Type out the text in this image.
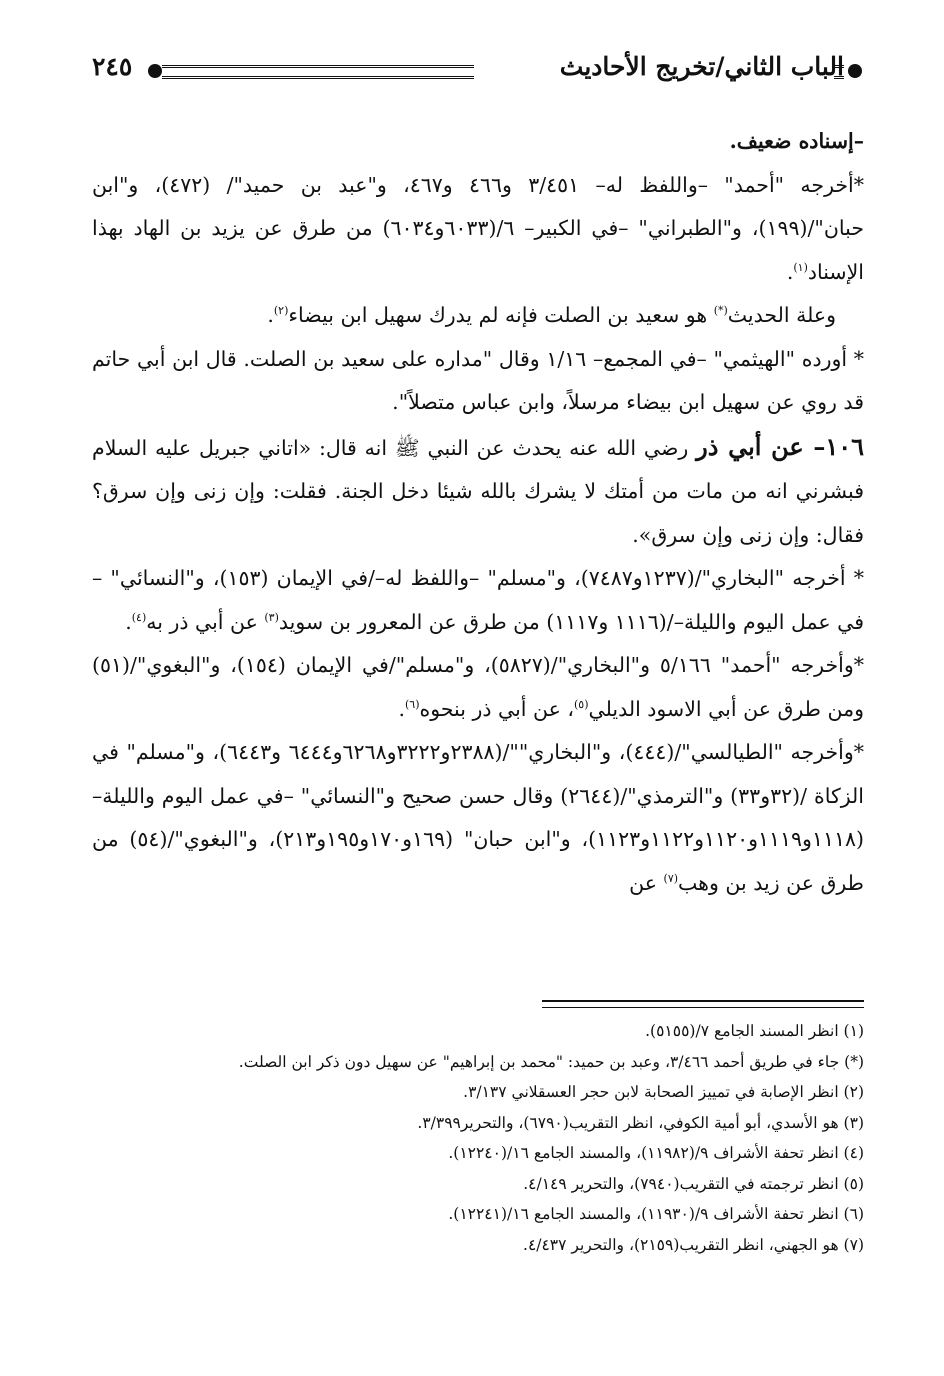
الباب الثاني/تخريج الأحاديث
٢٤٥

–إسناده ضعيف.

*أخرجه "أحمد" –واللفظ له– ٣/٤٥١ و٤٦٦ و٤٦٧، و"عبد بن حميد"/ (٤٧٢)، و"ابن حبان"/(١٩٩)، و"الطبراني" –في الكبير– ٦/(٦٠٣٣و٦٠٣٤) من طرق عن يزيد بن الهاد بهذا الإسناد$^{(١)}$.

وعلة الحديث(*) هو سعيد بن الصلت فإنه لم يدرك سهيل ابن بيضاء$^{(٢)}$.

* أورده "الهيثمي" –في المجمع– ١/١٦ وقال "مداره على سعيد بن الصلت. قال ابن أبي حاتم قد روي عن سهيل ابن بيضاء مرسلاً، وابن عباس متصلاً".

١٠٦– عن أبي ذر رضي الله عنه يحدث عن النبي ﷺ انه قال: «اتاني جبريل عليه السلام فبشرني انه من مات من أمتك لا يشرك بالله شيئا دخل الجنة. فقلت: وإن زنى وإن سرق؟ فقال: وإن زنى وإن سرق».

* أخرجه "البخاري"/(١٢٣٧و٧٤٨٧)، و"مسلم" –واللفظ له–/في الإيمان (١٥٣)، و"النسائي" –في عمل اليوم والليلة–/(١١١٦ و١١١٧) من طرق عن المعرور بن سويد$^{(٣)}$ عن أبي ذر به$^{(٤)}$.

*وأخرجه "أحمد" ٥/١٦٦ و"البخاري"/(٥٨٢٧)، و"مسلم"/في الإيمان (١٥٤)، و"البغوي"/(٥١) ومن طرق عن أبي الاسود الديلي$^{(٥)}$، عن أبي ذر بنحوه$^{(٦)}$.

*وأخرجه "الطيالسي"/(٤٤٤)، و"البخاري""/(٢٣٨٨و٣٢٢٢و٦٢٦٨و٦٤٤٤ و٦٤٤٣)، و"مسلم" في الزكاة /(٣٢و٣٣) و"الترمذي"/(٢٦٤٤) وقال حسن صحيح و"النسائي" –في عمل اليوم والليلة– (١١١٨و١١١٩و١١٢٠و١١٢٢و١١٢٣)، و"ابن حبان" (١٦٩و١٧٠و١٩٥و٢١٣)، و"البغوي"/(٥٤) من طرق عن زيد بن وهب$^{(٧)}$ عن

(١) انظر المسند الجامع ٧/(٥١٥٥).
(*) جاء في طريق أحمد ٣/٤٦٦، وعبد بن حميد: "محمد بن إبراهيم" عن سهيل دون ذكر ابن الصلت.
(٢) انظر الإصابة في تمييز الصحابة لابن حجر العسقلاني ٣/١٣٧.
(٣) هو الأسدي، أبو أمية الكوفي، انظر التقريب(٦٧٩٠)، والتحرير٣/٣٩٩.
(٤) انظر تحفة الأشراف ٩/(١١٩٨٢)، والمسند الجامع ١٦/(١٢٢٤٠).
(٥) انظر ترجمته في التقريب(٧٩٤٠)، والتحرير ٤/١٤٩.
(٦) انظر تحفة الأشراف ٩/(١١٩٣٠)، والمسند الجامع ١٦/(١٢٢٤١).
(٧) هو الجهني، انظر التقريب(٢١٥٩)، والتحرير ٤/٤٣٧.
